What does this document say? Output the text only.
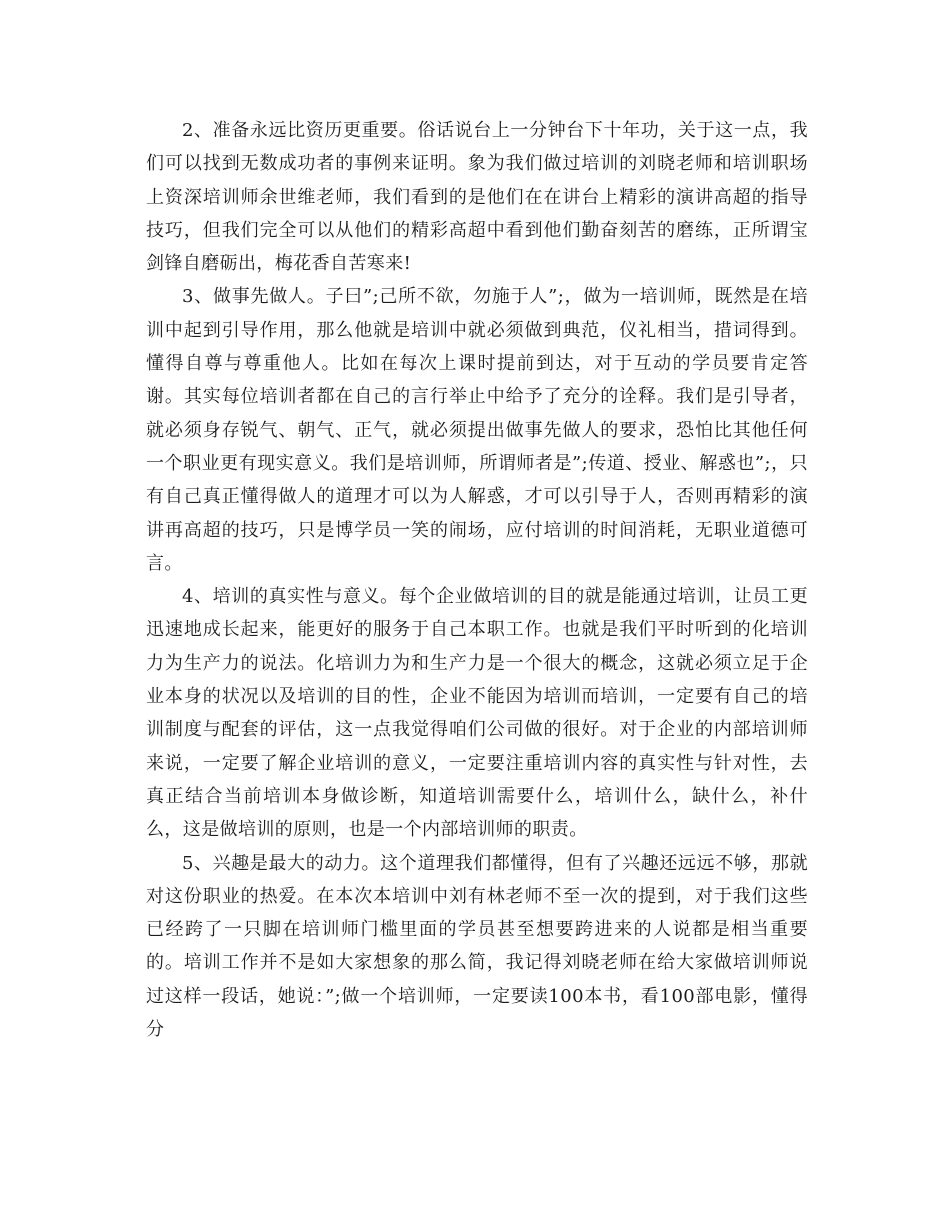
2、准备永远比资历更重要。俗话说台上一分钟台下十年功，关于这一点，我们可以找到无数成功者的事例来证明。象为我们做过培训的刘晓老师和培训职场上资深培训师余世维老师，我们看到的是他们在在讲台上精彩的演讲高超的指导技巧，但我们完全可以从他们的精彩高超中看到他们勤奋刻苦的磨练，正所谓宝剑锋自磨砺出，梅花香自苦寒来!

3、做事先做人。子曰”;己所不欲，勿施于人”;，做为一培训师，既然是在培训中起到引导作用，那么他就是培训中就必须做到典范，仪礼相当，措词得到。懂得自尊与尊重他人。比如在每次上课时提前到达，对于互动的学员要肯定答谢。其实每位培训者都在自己的言行举止中给予了充分的诠释。我们是引导者，就必须身存锐气、朝气、正气，就必须提出做事先做人的要求，恐怕比其他任何一个职业更有现实意义。我们是培训师，所谓师者是”;传道、授业、解惑也”;，只有自己真正懂得做人的道理才可以为人解惑，才可以引导于人，否则再精彩的演讲再高超的技巧，只是博学员一笑的闹场，应付培训的时间消耗，无职业道德可言。

4、培训的真实性与意义。每个企业做培训的目的就是能通过培训，让员工更迅速地成长起来，能更好的服务于自己本职工作。也就是我们平时听到的化培训力为生产力的说法。化培训力为和生产力是一个很大的概念，这就必须立足于企业本身的状况以及培训的目的性，企业不能因为培训而培训，一定要有自己的培训制度与配套的评估，这一点我觉得咱们公司做的很好。对于企业的内部培训师来说，一定要了解企业培训的意义，一定要注重培训内容的真实性与针对性，去真正结合当前培训本身做诊断，知道培训需要什么，培训什么，缺什么，补什么，这是做培训的原则，也是一个内部培训师的职责。

5、兴趣是最大的动力。这个道理我们都懂得，但有了兴趣还远远不够，那就对这份职业的热爱。在本次本培训中刘有林老师不至一次的提到，对于我们这些已经跨了一只脚在培训师门槛里面的学员甚至想要跨进来的人说都是相当重要的。培训工作并不是如大家想象的那么简，我记得刘晓老师在给大家做培训师说过这样一段话，她说：”;做一个培训师，一定要读100本书，看100部电影，懂得分
